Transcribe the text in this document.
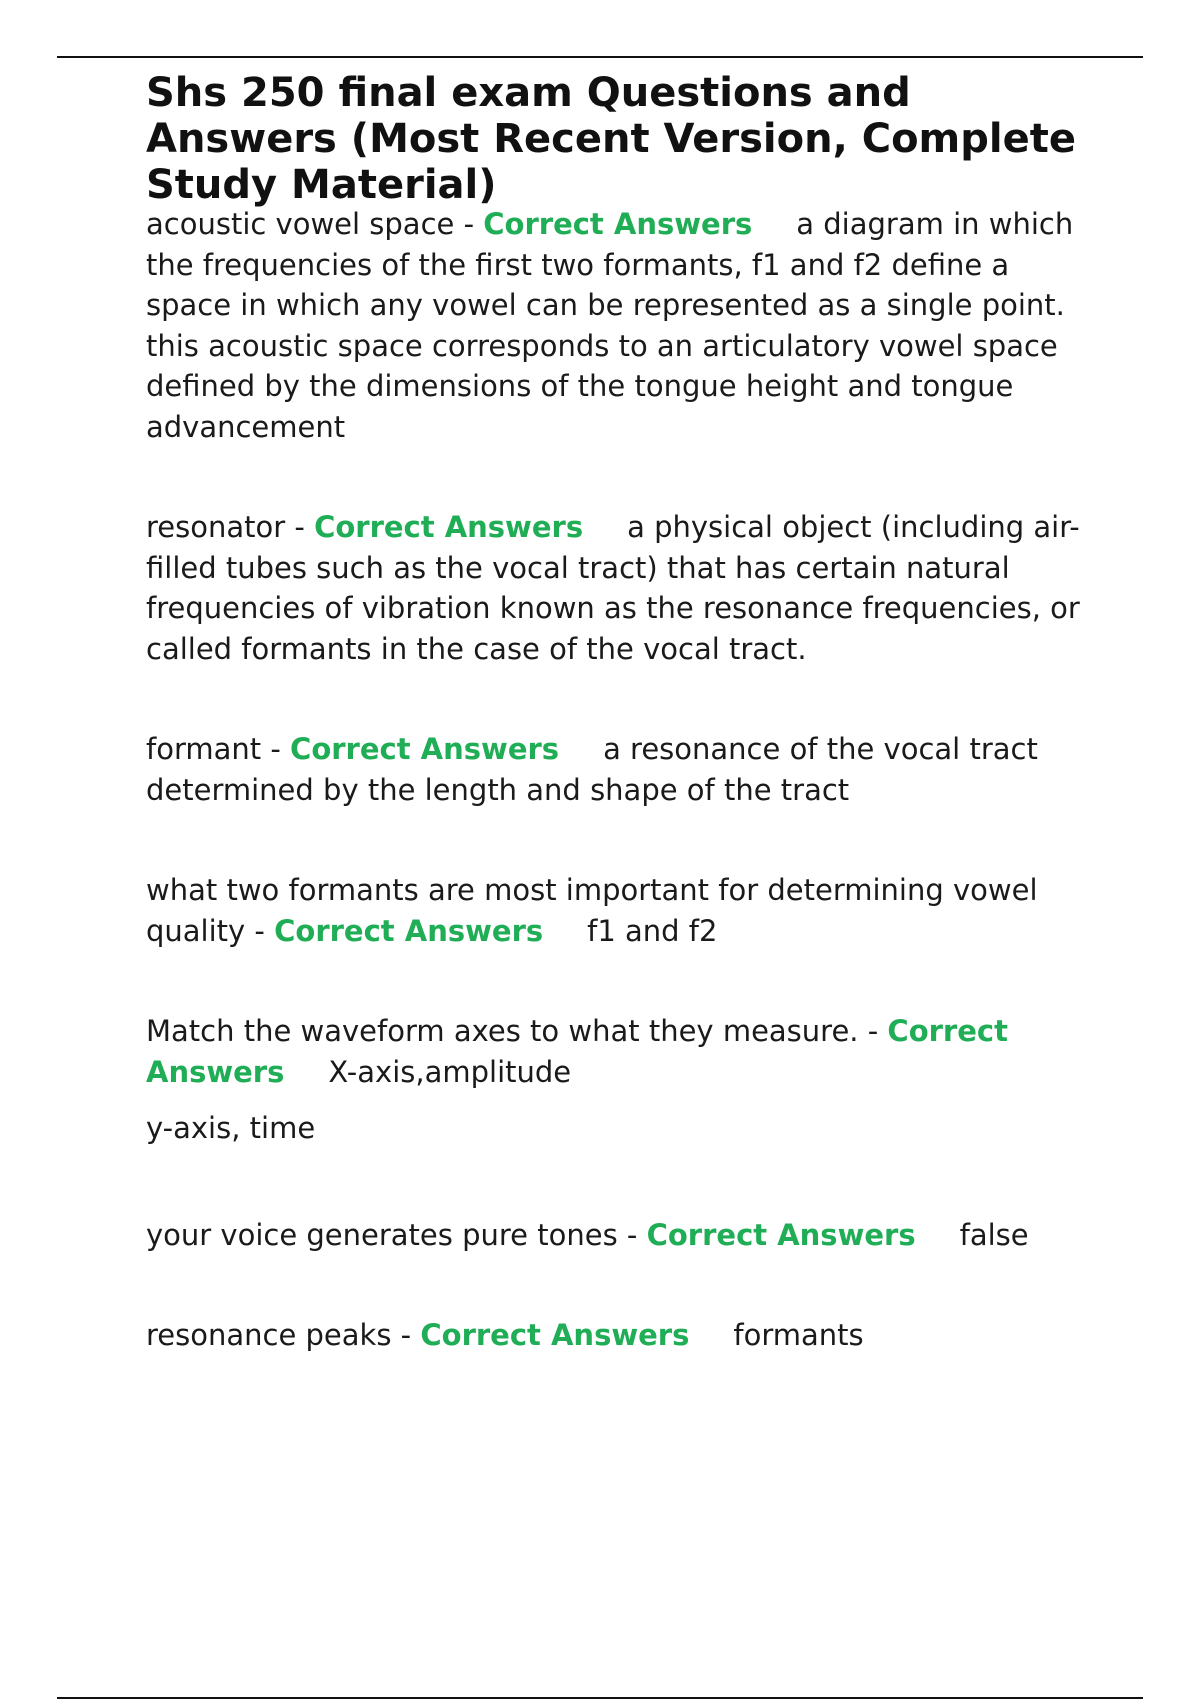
Shs 250 final exam Questions and Answers (Most Recent Version, Complete Study Material)

acoustic vowel space - Correct Answers a diagram in which the frequencies of the first two formants, f1 and f2 define a space in which any vowel can be represented as a single point. this acoustic space corresponds to an articulatory vowel space defined by the dimensions of the tongue height and tongue advancement

resonator - Correct Answers a physical object (including air-filled tubes such as the vocal tract) that has certain natural frequencies of vibration known as the resonance frequencies, or called formants in the case of the vocal tract.

formant - Correct Answers a resonance of the vocal tract determined by the length and shape of the tract

what two formants are most important for determining vowel quality - Correct Answers f1 and f2

Match the waveform axes to what they measure. - Correct Answers X-axis,amplitude

y-axis, time

your voice generates pure tones - Correct Answers false

resonance peaks - Correct Answers formants
